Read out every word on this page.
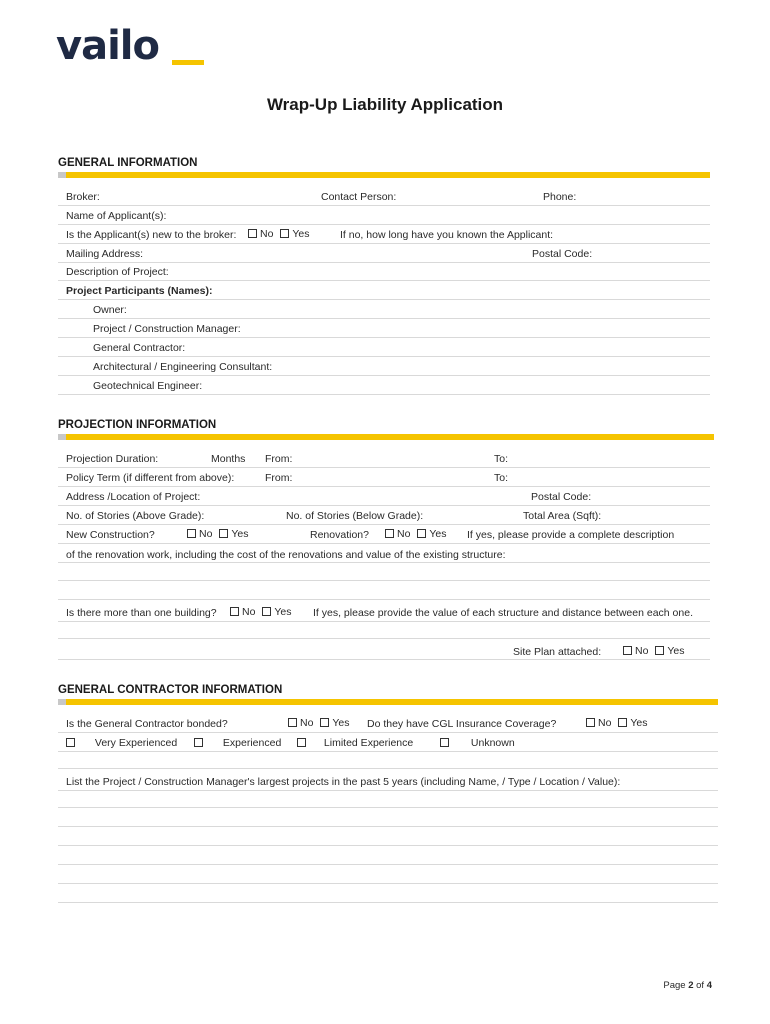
vailo
Wrap-Up Liability Application
GENERAL INFORMATION
Broker:	Contact Person:	Phone:
Name of Applicant(s):
Is the Applicant(s) new to the broker:	No Yes	If no, how long have you known the Applicant:
Mailing Address:	Postal Code:
Description of Project:
Project Participants (Names):
Owner:
Project / Construction Manager:
General Contractor:
Architectural / Engineering Consultant:
Geotechnical Engineer:
PROJECTION INFORMATION
Projection Duration:	Months From:	To:
Policy Term (if different from above):	From:	To:
Address /Location of Project:	Postal Code:
No. of Stories (Above Grade):	No. of Stories (Below Grade):	Total Area (Sqft):
New Construction?	No Yes	Renovation?	No Yes If yes, please provide a complete description
of the renovation work, including the cost of the renovations and value of the existing structure:
Is there more than one building?	No Yes If yes, please provide the value of each structure and distance between each one.
Site Plan attached:	No Yes
GENERAL CONTRACTOR INFORMATION
Is the General Contractor bonded?	No Yes Do they have CGL Insurance Coverage?	No Yes
Very Experienced	Experienced	Limited Experience	Unknown
List the Project / Construction Manager's largest projects in the past 5 years (including Name, / Type / Location / Value):
Page 2 of 4
